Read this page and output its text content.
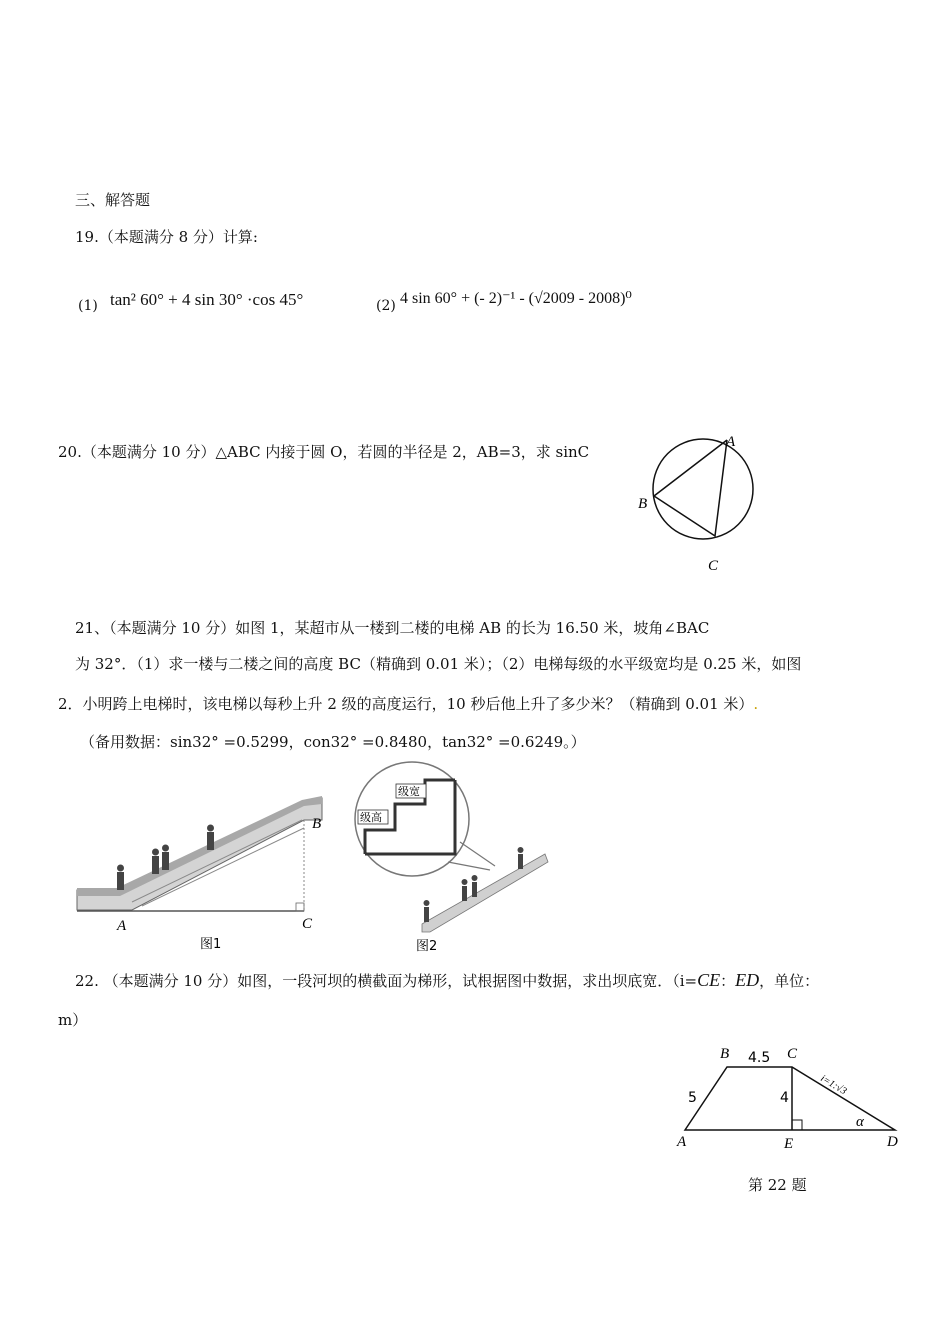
三、解答题
19.（本题满分 8 分）计算:
(1) tan² 60° + 4 sin 30° ·cos 45°	(2) 4 sin 60° + (- 2)⁻¹ - (√2009 - 2008)⁰
20.（本题满分 10 分）△ABC 内接于圆 O，若圆的半径是 2，AB=3，求 sinC
A
B
C
21、（本题满分 10 分）如图 1，某超市从一楼到二楼的电梯 AB 的长为 16.50 米，坡角∠BAC
为 32°．（1）求一楼与二楼之间的高度 BC（精确到 0.01 米）；（2）电梯每级的水平级宽均是 0.25 米，如图
2．小明跨上电梯时，该电梯以每秒上升 2 级的高度运行，10 秒后他上升了多少米？（精确到 0.01 米）.
（备用数据：sin32° =0.5299，con32° =0.8480，tan32° =0.6249。）
B
A	C
图1
级宽
级高
图2
22. （本题满分 10 分）如图，一段河坝的横截面为梯形，试根据图中数据，求出坝底宽．（i=CE：ED，单位：
m）
B	C
4.5
5	4
i=1:√3
α
A	E	D
第 22 题
